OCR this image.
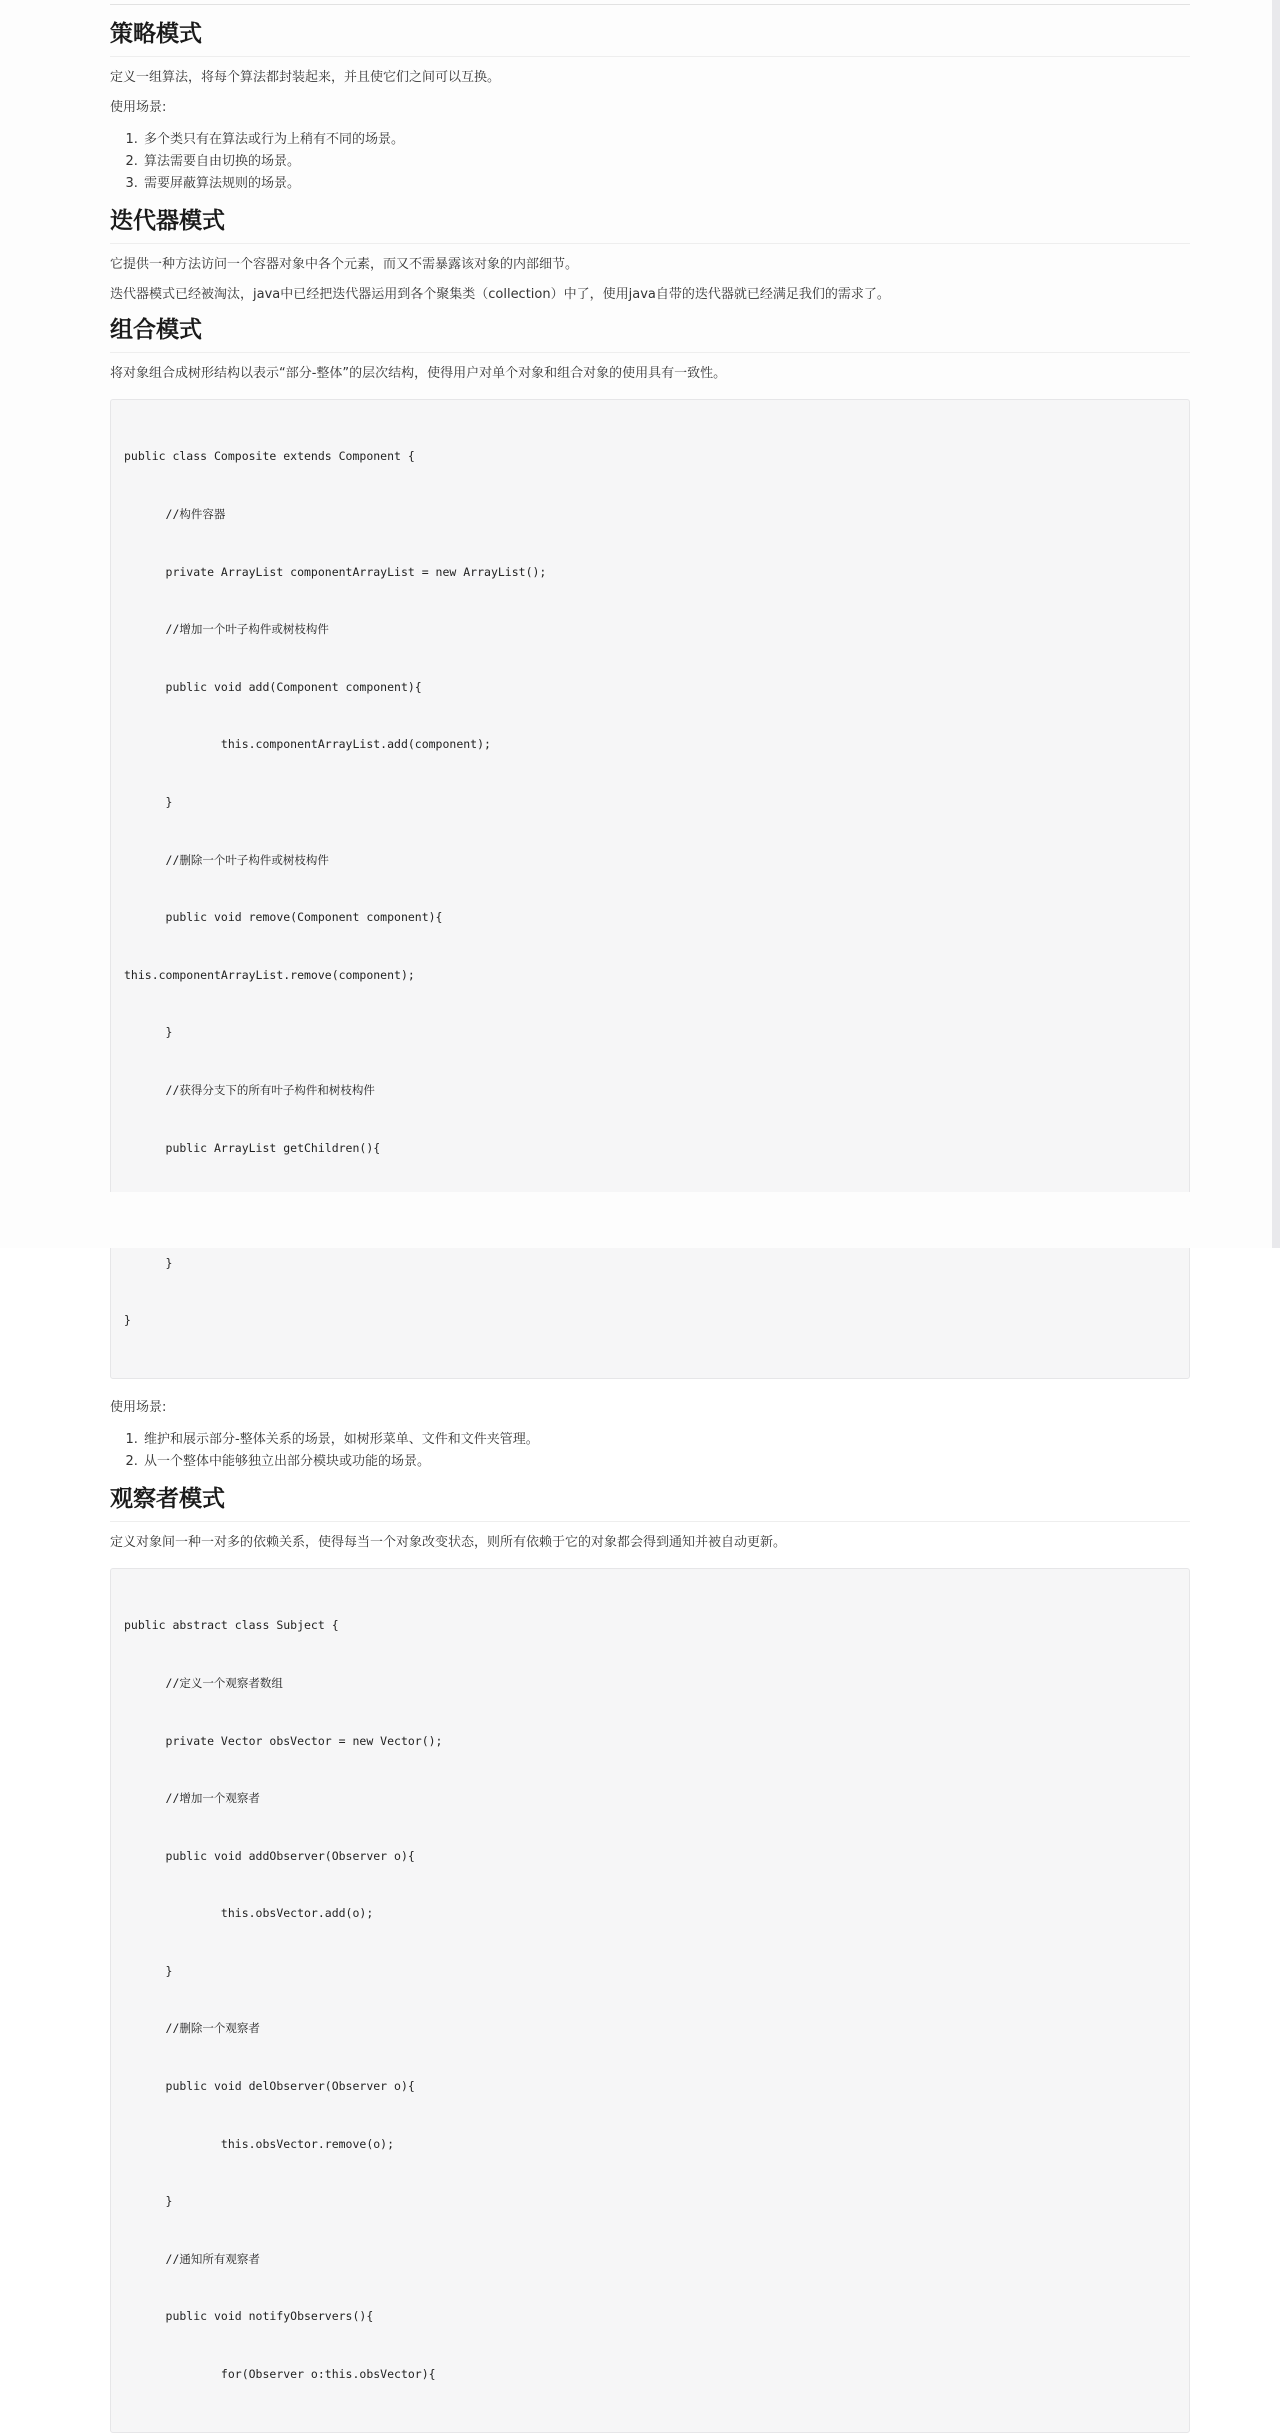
策略模式

定义一组算法，将每个算法都封装起来，并且使它们之间可以互换。

使用场景:

1. 多个类只有在算法或行为上稍有不同的场景。
2. 算法需要自由切换的场景。
3. 需要屏蔽算法规则的场景。
迭代器模式

它提供一种方法访问一个容器对象中各个元素，而又不需暴露该对象的内部细节。

迭代器模式已经被淘汰，java中已经把迭代器运用到各个聚集类（collection）中了，使用java自带的迭代器就已经满足我们的需求了。

组合模式

将对象组合成树形结构以表示“部分-整体”的层次结构，使得用户对单个对象和组合对象的使用具有一致性。

public class Composite extends Component {

//构件容器

private ArrayList componentArrayList = new ArrayList();

//增加一个叶子构件或树枝构件

public void add(Component component){

this.componentArrayList.add(component);

}

//删除一个叶子构件或树枝构件

public void remove(Component component){

this.componentArrayList.remove(component);

}

//获得分支下的所有叶子构件和树枝构件

public ArrayList getChildren(){

}

}

使用场景:

1. 维护和展示部分-整体关系的场景，如树形菜单、文件和文件夹管理。
2. 从一个整体中能够独立出部分模块或功能的场景。
观察者模式

定义对象间一种一对多的依赖关系，使得每当一个对象改变状态，则所有依赖于它的对象都会得到通知并被自动更新。

public abstract class Subject {

//定义一个观察者数组

private Vector obsVector = new Vector();

//增加一个观察者

public void addObserver(Observer o){

this.obsVector.add(o);

}

//删除一个观察者

public void delObserver(Observer o){

this.obsVector.remove(o);

}

//通知所有观察者

public void notifyObservers(){

for(Observer o:this.obsVector){
